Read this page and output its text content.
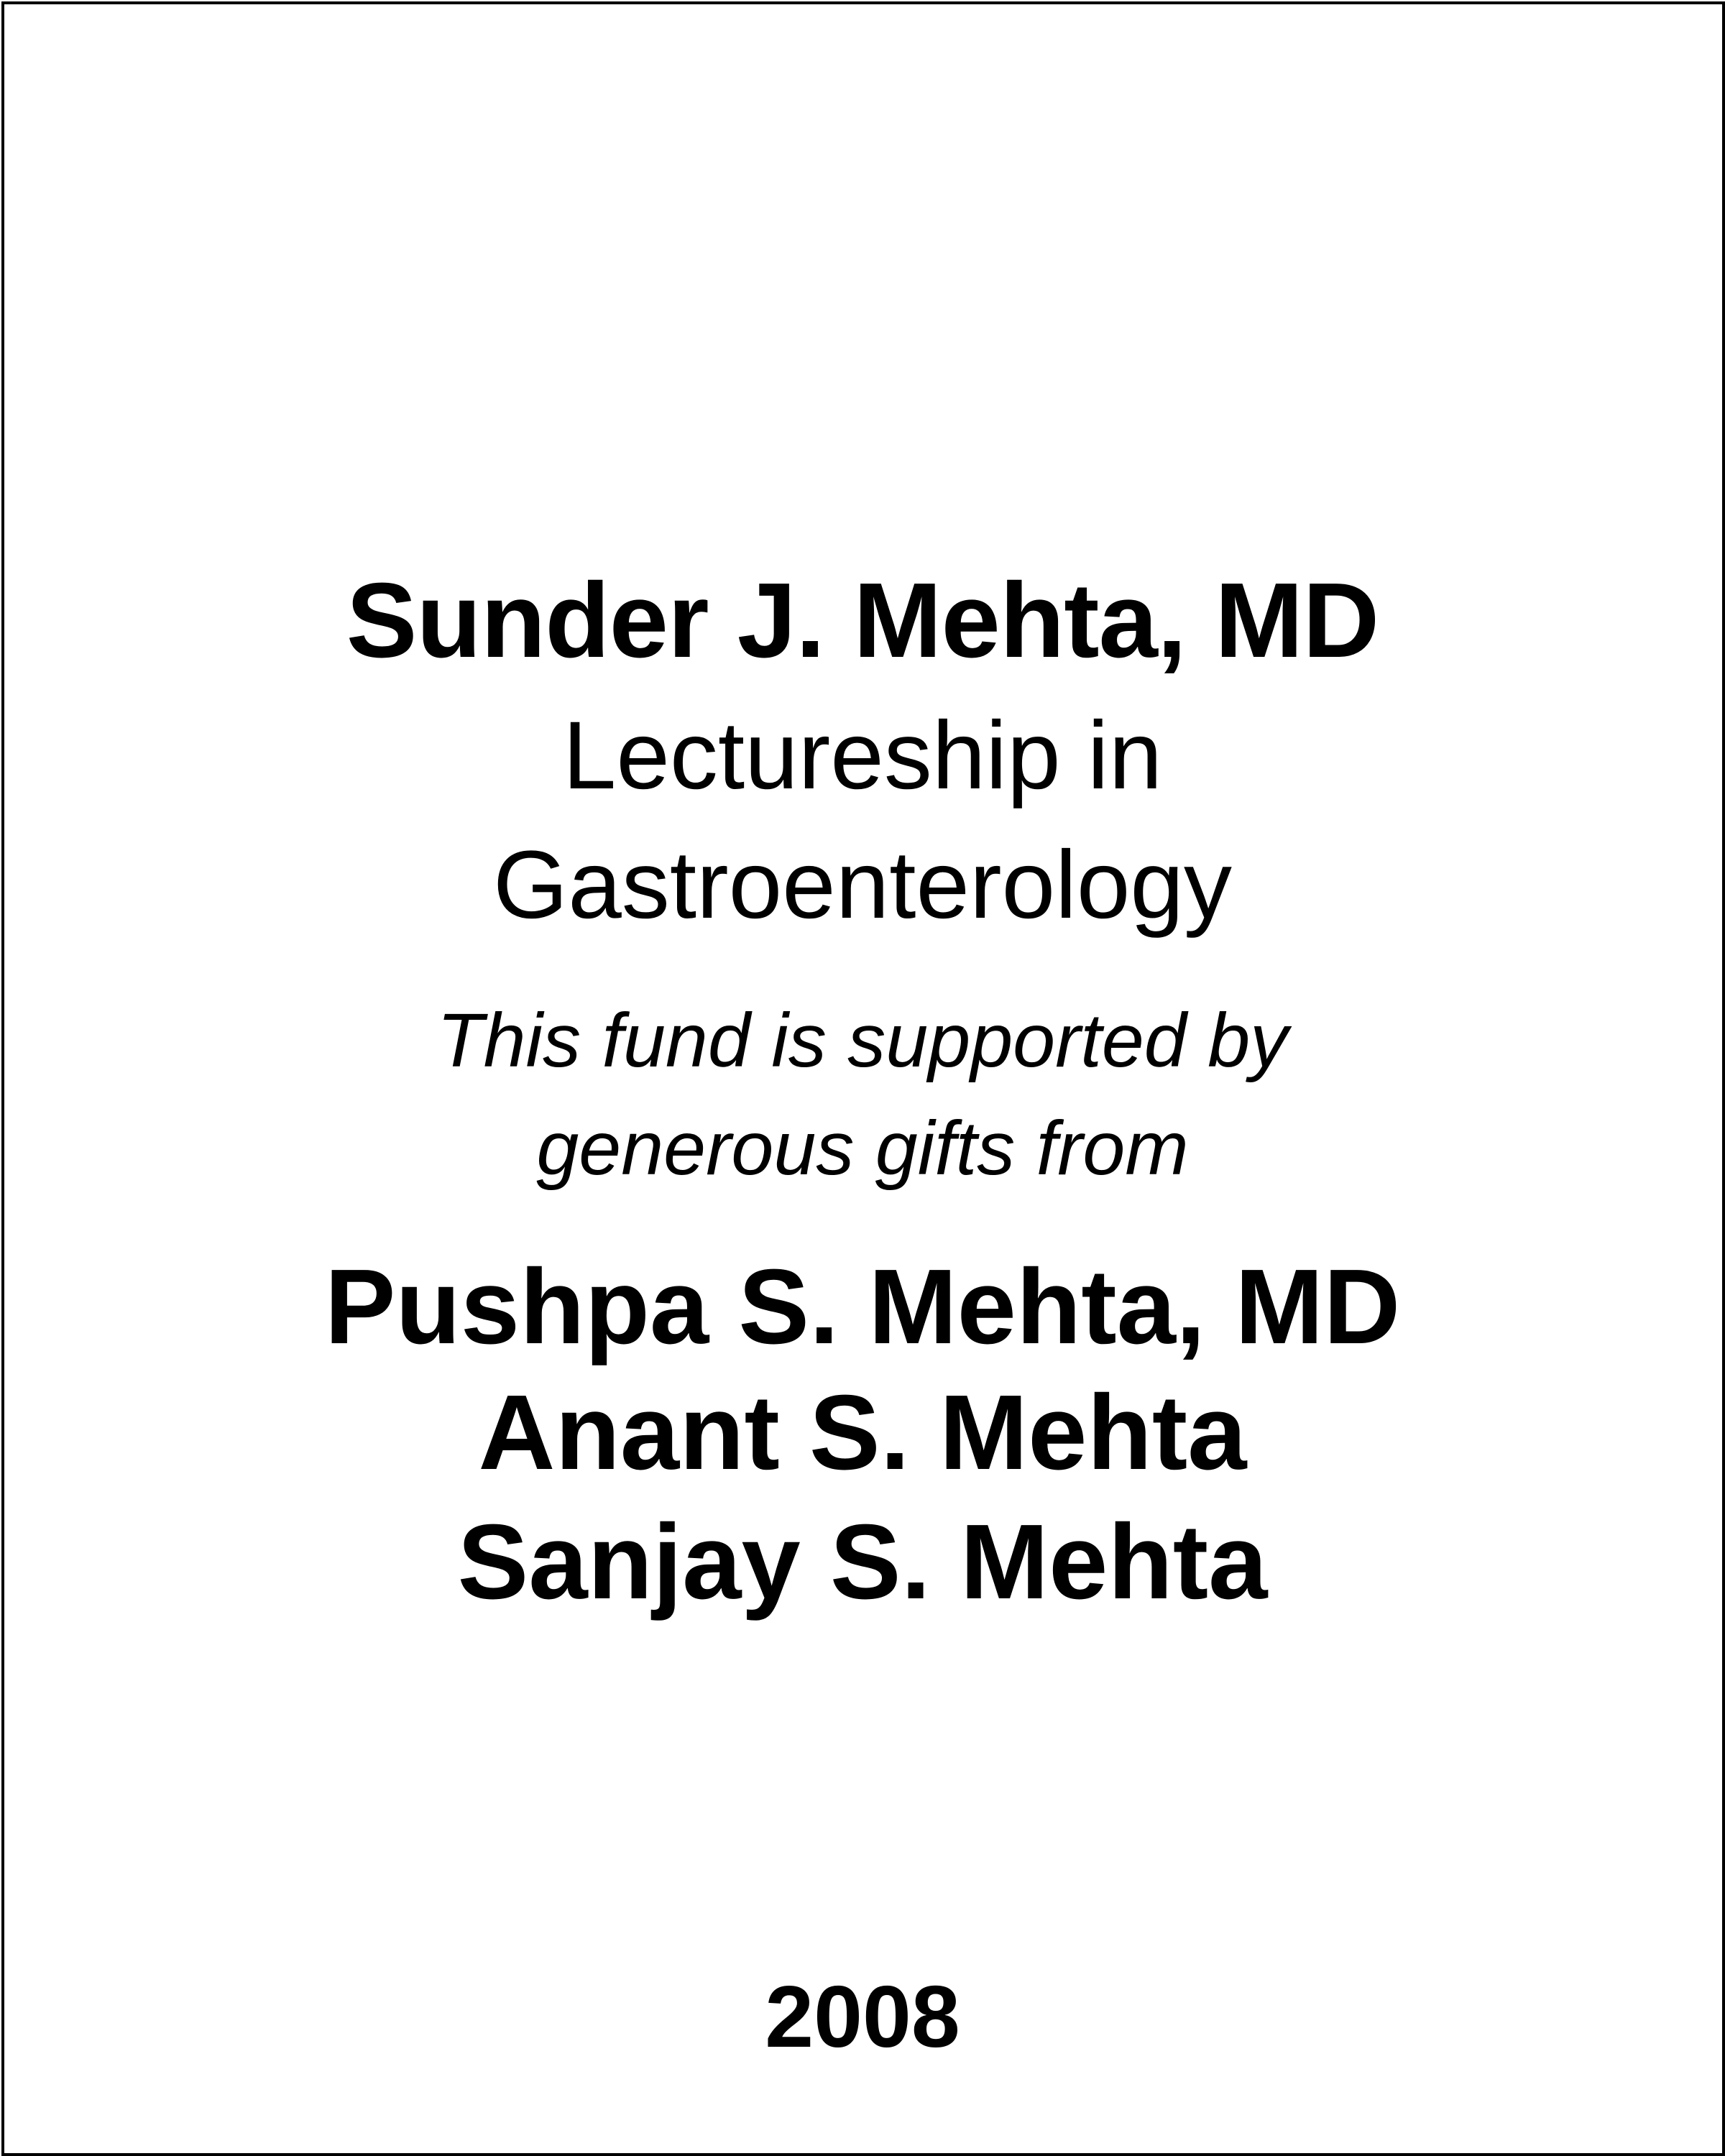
Sunder J. Mehta, MD
Lectureship in
Gastroenterology
This fund is supported by
generous gifts from
Pushpa S. Mehta, MD
Anant S. Mehta
Sanjay S. Mehta
2008
